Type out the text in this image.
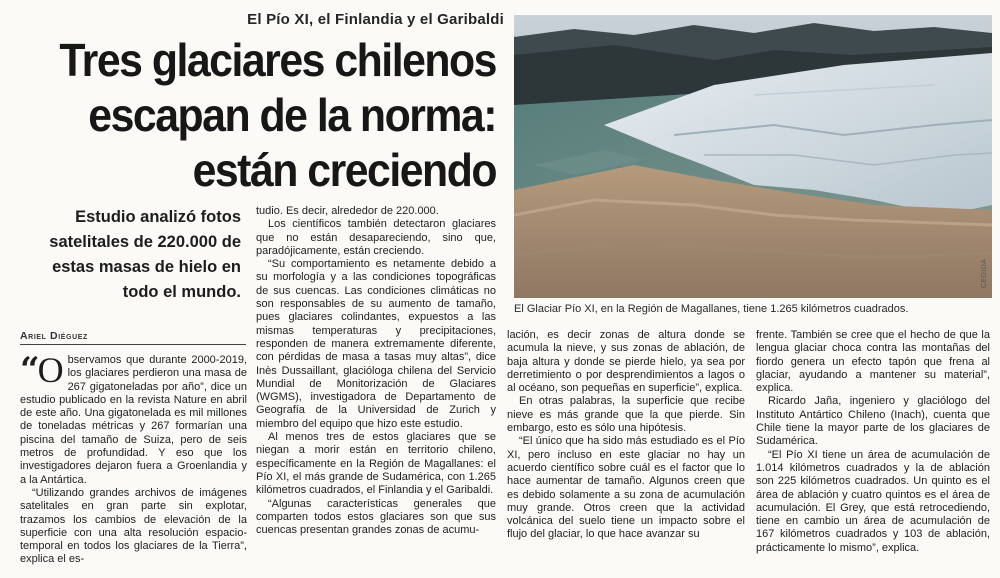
El Pío XI, el Finlandia y el Garibaldi
Tres glaciares chilenos escapan de la norma: están creciendo

Estudio analizó fotos satelitales de 220.000 de estas masas de hielo en todo el mundo.

Ariel Diéguez

“ O bservamos que durante 2000-2019, los glaciares perdieron una masa de 267 gigatoneladas por año”, dice un estudio publicado en la revista Nature en abril de este año. Una gigatonelada es mil millones de toneladas métricas y 267 formarían una piscina del tamaño de Suiza, pero de seis metros de profundidad. Y eso que los investigadores dejaron fuera a Groenlandia y a la Antártica.

“Utilizando grandes archivos de imágenes satelitales en gran parte sin explotar, trazamos los cambios de elevación de la superficie con una alta resolución espacio-temporal en todos los glaciares de la Tierra”, explica el es-

tudio. Es decir, alrededor de 220.000.

Los científicos también detectaron glaciares que no están desapareciendo, sino que, paradójicamente, están creciendo.

“Su comportamiento es netamente debido a su morfología y a las condiciones topográficas de sus cuencas. Las condiciones climáticas no son responsables de su aumento de tamaño, pues glaciares colindantes, expuestos a las mismas temperaturas y precipitaciones, responden de manera extremamente diferente, con pérdidas de masa a tasas muy altas”, dice Inès Dussaillant, glacióloga chilena del Servicio Mundial de Monitorización de Glaciares (WGMS), investigadora de Departamento de Geografía de la Universidad de Zurich y miembro del equipo que hizo este estudio.

Al menos tres de estos glaciares que se niegan a morir están en territorio chileno, específicamente en la Región de Magallanes: el Pío XI, el más grande de Sudamérica, con 1.265 kilómetros cuadrados, el Finlandia y el Garibaldi.

“Algunas características generales que comparten todos estos glaciares son que sus cuencas presentan grandes zonas de acumu-

CEDIDA
El Glaciar Pío XI, en la Región de Magallanes, tiene 1.265 kilómetros cuadrados.

lación, es decir zonas de altura donde se acumula la nieve, y sus zonas de ablación, de baja altura y donde se pierde hielo, ya sea por derretimiento o por desprendimientos a lagos o al océano, son pequeñas en superficie”, explica.

En otras palabras, la superficie que recibe nieve es más grande que la que pierde. Sin embargo, esto es sólo una hipótesis.

“El único que ha sido más estudiado es el Pío XI, pero incluso en este glaciar no hay un acuerdo científico sobre cuál es el factor que lo hace aumentar de tamaño. Algunos creen que es debido solamente a su zona de acumulación muy grande. Otros creen que la actividad volcánica del suelo tiene un impacto sobre el flujo del glaciar, lo que hace avanzar su

frente. También se cree que el hecho de que la lengua glaciar choca contra las montañas del fiordo genera un efecto tapón que frena al glaciar, ayudando a mantener su material”, explica.

Ricardo Jaña, ingeniero y glaciólogo del Instituto Antártico Chileno (Inach), cuenta que Chile tiene la mayor parte de los glaciares de Sudamérica.

“El Pío XI tiene un área de acumulación de 1.014 kilómetros cuadrados y la de ablación son 225 kilómetros cuadrados. Un quinto es el área de ablación y cuatro quintos es el área de acumulación. El Grey, que está retrocediendo, tiene en cambio un área de acumulación de 167 kilómetros cuadrados y 103 de ablación, prácticamente lo mismo”, explica.
